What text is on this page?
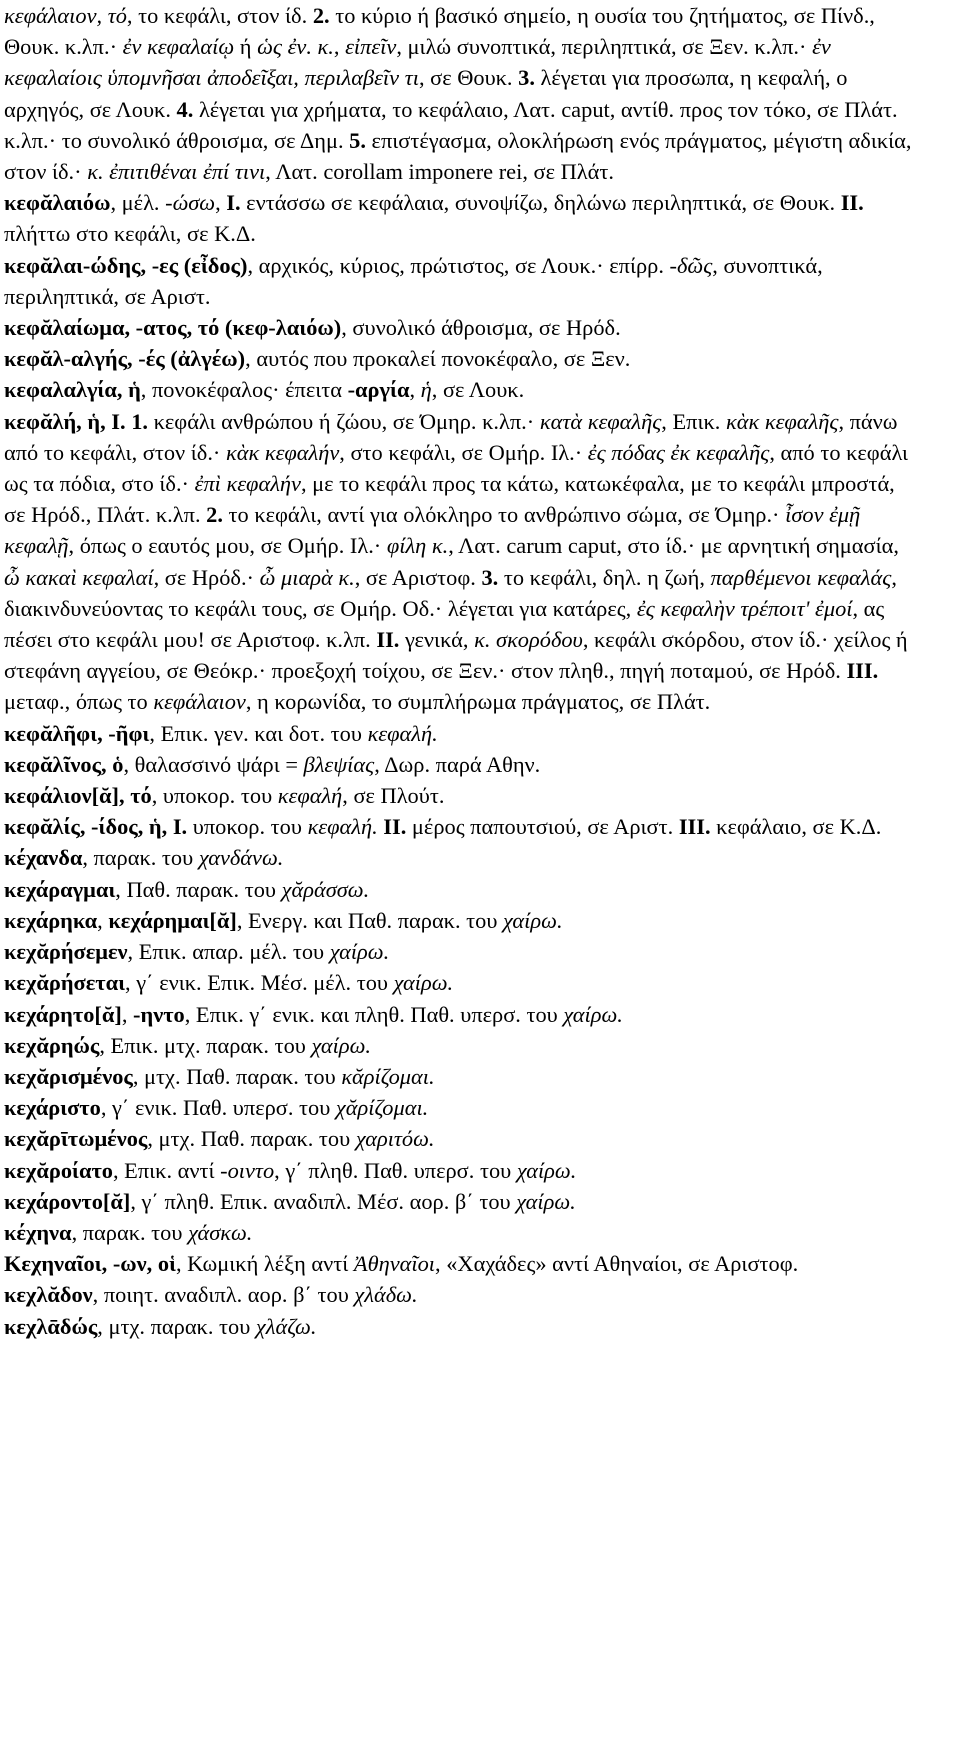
κεφάλαιον, τό, το κεφάλι, στον ίδ. 2. το κύριο ή βασικό σημείο, η ουσία του ζητήματος, σε Πίνδ., Θουκ. κ.λπ.· ἐν κεφαλαίῳ ή ὡς ἐν. κ., εἰπεῖν, μιλώ συνοπτικά, περιληπτικά, σε Ξεν. κ.λπ.· ἐν κεφαλαίοις ὑπομνῆσαι ἀποδεῖξαι, περιλαβεῖν τι, σε Θουκ. 3. λέγεται για προσωπα, η κεφαλή, ο αρχηγός, σε Λουκ. 4. λέγεται για χρήματα, το κεφάλαιο, Λατ. caput, αντίθ. προς τον τόκο, σε Πλάτ. κ.λπ.· το συνολικό άθροισμα, σε Δημ. 5. επιστέγασμα, ολοκλήρωση ενός πράγματος, μέγιστη αδικία, στον ίδ.· κ. ἐπιτιθέναι ἐπί τινι, Λατ. corollam imponere rei, σε Πλάτ.

κεφᾰλαιόω, μέλ. -ώσω, I. εντάσσω σε κεφάλαια, συνοψίζω, δηλώνω περιληπτικά, σε Θουκ. II. πλήττω στο κεφάλι, σε Κ.Δ.

κεφᾰλαι-ώδης, -ες (εἶδος), αρχικός, κύριος, πρώτιστος, σε Λουκ.· επίρρ. -δῶς, συνοπτικά, περιληπτικά, σε Αριστ.

κεφᾰλαίωμα, -ατος, τό (κεφ-λαιόω), συνολικό άθροισμα, σε Ηρόδ.

κεφᾰλ-αλγής, -ές (ἀλγέω), αυτός που προκαλεί πονοκέφαλο, σε Ξεν.

κεφαλαλγία, ἡ, πονοκέφαλος· έπειτα -αργία, ἡ, σε Λουκ.

κεφᾰλή, ἡ, I. 1. κεφάλι ανθρώπου ή ζώου, σε Όμηρ. κ.λπ.· κατὰ κεφαλῆς, Επικ. κὰκ κεφαλῆς, πάνω από το κεφάλι, στον ίδ.· κὰκ κεφαλήν, στο κεφάλι, σε Ομήρ. Ιλ.· ἐς πόδας ἐκ κεφαλῆς, από το κεφάλι ως τα πόδια, στο ίδ.· ἐπὶ κεφαλήν, με το κεφάλι προς τα κάτω, κατωκέφαλα, με το κεφάλι μπροστά, σε Ηρόδ., Πλάτ. κ.λπ. 2. το κεφάλι, αντί για ολόκληρο το ανθρώπινο σώμα, σε Όμηρ.· ἶσον ἐμῇ κεφαλῇ, όπως ο εαυτός μου, σε Ομήρ. Ιλ.· φίλη κ., Λατ. carum caput, στο ίδ.· με αρνητική σημασία, ὦ κακαὶ κεφαλαί, σε Ηρόδ.· ὦ μιαρὰ κ., σε Αριστοφ. 3. το κεφάλι, δηλ. η ζωή, παρθέμενοι κεφαλάς, διακινδυνεύοντας το κεφάλι τους, σε Ομήρ. Οδ.· λέγεται για κατάρες, ἐς κεφαλὴν τρέποιτ' ἐμοί, ας πέσει στο κεφάλι μου! σε Αριστοφ. κ.λπ. II. γενικά, κ. σκορόδου, κεφάλι σκόρδου, στον ίδ.· χείλος ή στεφάνη αγγείου, σε Θεόκρ.· προεξοχή τοίχου, σε Ξεν.· στον πληθ., πηγή ποταμού, σε Ηρόδ. III. μεταφ., όπως το κεφάλαιον, η κορωνίδα, το συμπλήρωμα πράγματος, σε Πλάτ.

κεφᾰλῆφι, -ῆφι, Επικ. γεν. και δοτ. του κεφαλή.

κεφᾰλῖνος, ὁ, θαλασσινό ψάρι = βλεψίας, Δωρ. παρά Αθην.

κεφάλιον[ᾰ], τό, υποκορ. του κεφαλή, σε Πλούτ.

κεφᾰλίς, -ίδος, ἡ, I. υποκορ. του κεφαλή. II. μέρος παπουτσιού, σε Αριστ. III. κεφάλαιο, σε Κ.Δ.

κέχανδα, παρακ. του χανδάνω.

κεχάραγμαι, Παθ. παρακ. του χᾰράσσω.

κεχάρηκα, κεχάρημαι[ᾰ], Ενεργ. και Παθ. παρακ. του χαίρω.

κεχᾰρήσεμεν, Επικ. απαρ. μέλ. του χαίρω.

κεχᾰρήσεται, γ΄ ενικ. Επικ. Μέσ. μέλ. του χαίρω.

κεχάρητο[ᾰ], -ηντο, Επικ. γ΄ ενικ. και πληθ. Παθ. υπερσ. του χαίρω.

κεχᾰρηώς, Επικ. μτχ. παρακ. του χαίρω.

κεχᾰρισμένος, μτχ. Παθ. παρακ. του κᾰρίζομαι.

κεχάριστο, γ΄ ενικ. Παθ. υπερσ. του χᾰρίζομαι.

κεχᾰρῑτωμένος, μτχ. Παθ. παρακ. του χαριτόω.

κεχᾰροίατο, Επικ. αντί -οιντο, γ΄ πληθ. Παθ. υπερσ. του χαίρω.

κεχάροντο[ᾰ], γ΄ πληθ. Επικ. αναδιπλ. Μέσ. αορ. β΄ του χαίρω.

κέχηνα, παρακ. του χάσκω.

Κεχηναῖοι, -ων, οἱ, Κωμική λέξη αντί Ἀθηναῖοι, «Χαχάδες» αντί Αθηναίοι, σε Αριστοφ.

κεχλᾰδον, ποιητ. αναδιπλ. αορ. β΄ του χλάδω.

κεχλᾱδώς, μτχ. παρακ. του χλάζω.
